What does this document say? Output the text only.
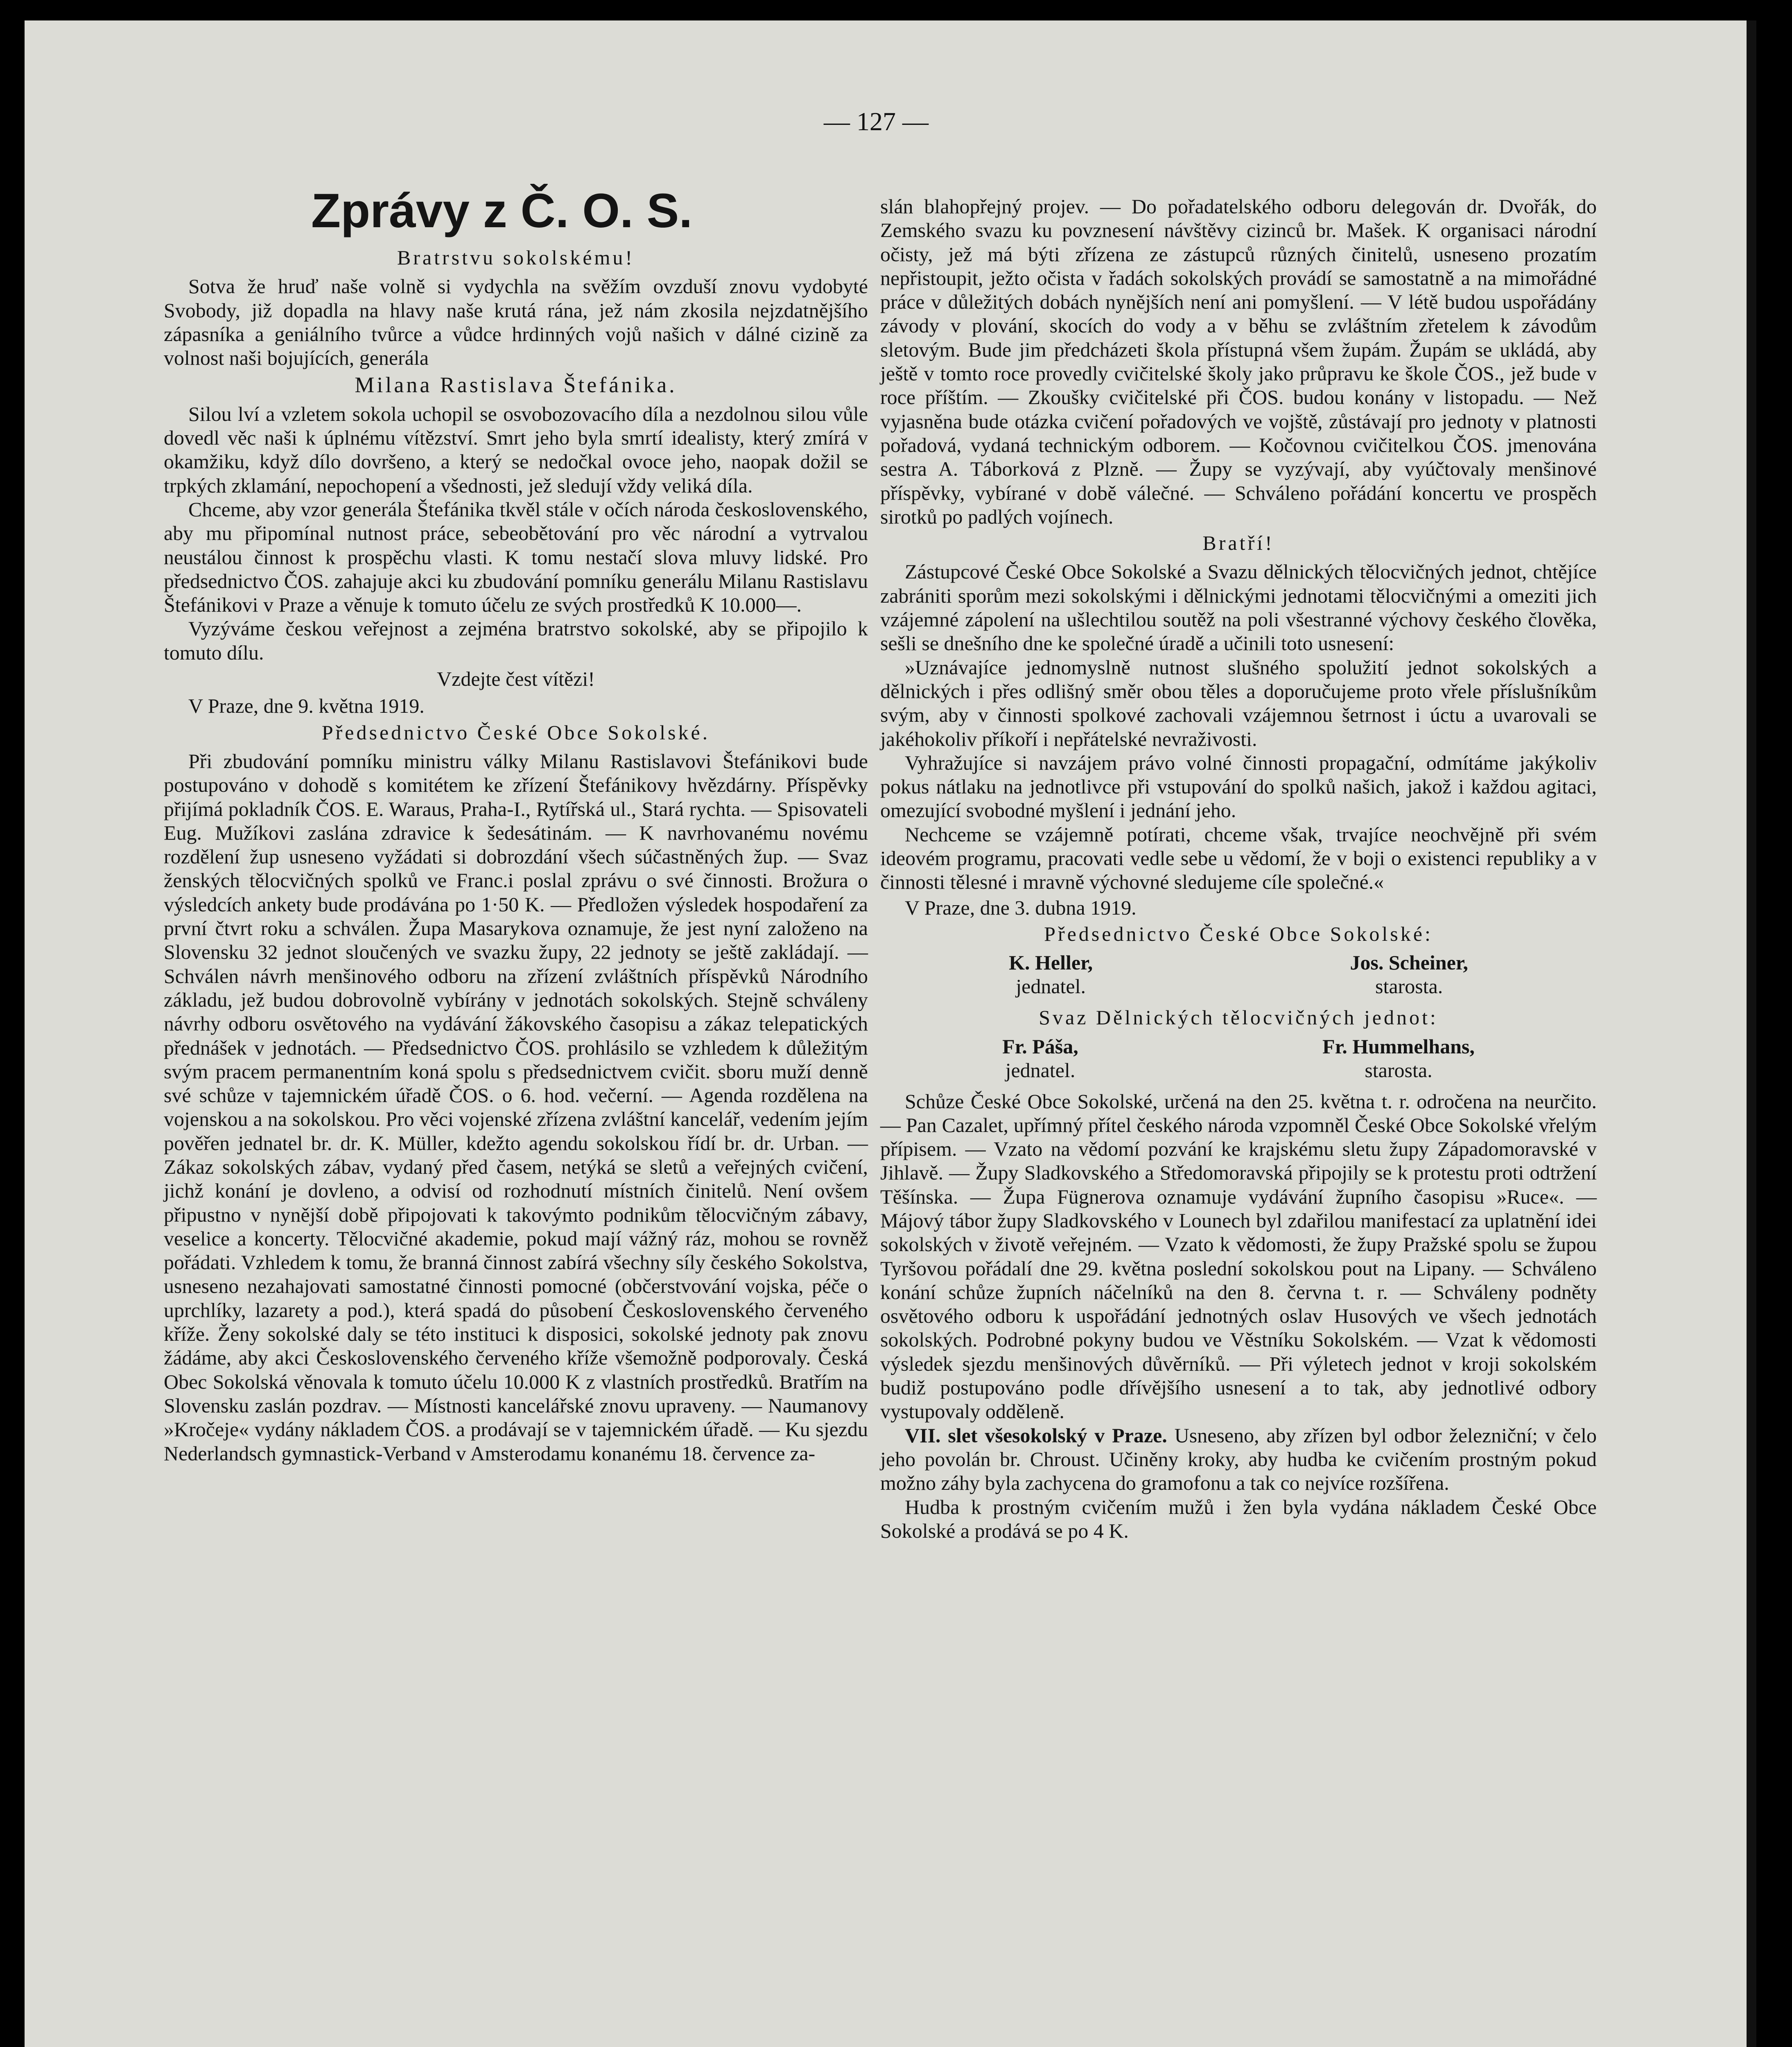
— 127 —
Zprávy z Č. O. S.
Bratrstvu sokolskému!

Sotva že hruď naše volně si vydychla na svěžím ovzduší znovu vydobyté Svobody, již dopadla na hlavy naše krutá rána, jež nám zkosila nejzdatnějšího zápasníka a geniálního tvůrce a vůdce hrdinných vojů našich v dálné cizině za volnost naši bojujících, generála

Milana Rastislava Štefánika.

Silou lví a vzletem sokola uchopil se osvobozovacího díla a nezdolnou silou vůle dovedl věc naši k úplnému vítězství. Smrt jeho byla smrtí idealisty, který zmírá v okamžiku, když dílo dovršeno, a který se nedočkal ovoce jeho, naopak dožil se trpkých zklamání, nepochopení a všednosti, jež sledují vždy veliká díla.

Chceme, aby vzor generála Štefánika tkvěl stále v očích národa československého, aby mu připomínal nutnost práce, sebeobětování pro věc národní a vytrvalou neustálou činnost k prospěchu vlasti. K tomu nestačí slova mluvy lidské. Pro předsednictvo ČOS. zahajuje akci ku zbudování pomníku generálu Milanu Rastislavu Štefánikovi v Praze a věnuje k tomuto účelu ze svých prostředků K 10.000—.

Vyzýváme českou veřejnost a zejména bratrstvo sokolské, aby se připojilo k tomuto dílu.

Vzdejte čest vítězi!
V Praze, dne 9. května 1919.
Předsednictvo České Obce Sokolské.

Při zbudování pomníku ministru války Milanu Rastislavovi Štefánikovi bude postupováno v dohodě s komitétem ke zřízení Štefánikovy hvězdárny. Příspěvky přijímá pokladník ČOS. E. Waraus, Praha-I., Rytířská ul., Stará rychta. — Spisovateli Eug. Mužíkovi zaslána zdravice k šedesátinám. — K navrhovanému novému rozdělení žup usneseno vyžádati si dobrozdání všech súčastněných žup. — Svaz ženských tělocvičných spolků ve Franc.i poslal zprávu o své činnosti. Brožura o výsledcích ankety bude prodávána po 1·50 K. — Předložen výsledek hospodaření za první čtvrt roku a schválen. Župa Masarykova oznamuje, že jest nyní založeno na Slovensku 32 jednot sloučených ve svazku župy, 22 jednoty se ještě zakládají. — Schválen návrh menšinového odboru na zřízení zvláštních příspěvků Národního základu, jež budou dobrovolně vybírány v jednotách sokolských. Stejně schváleny návrhy odboru osvětového na vydávání žákovského časopisu a zákaz telepatických přednášek v jednotách. — Předsednictvo ČOS. prohlásilo se vzhledem k důležitým svým pracem permanentním koná spolu s předsednictvem cvičit. sboru muží denně své schůze v tajemnickém úřadě ČOS. o 6. hod. večerní. — Agenda rozdělena na vojenskou a na sokolskou. Pro věci vojenské zřízena zvláštní kancelář, vedením jejím pověřen jednatel br. dr. K. Müller, kdežto agendu sokolskou řídí br. dr. Urban. — Zákaz sokolských zábav, vydaný před časem, netýká se sletů a veřejných cvičení, jichž konání je dovleno, a odvisí od rozhodnutí místních činitelů. Není ovšem připustno v nynější době připojovati k takovýmto podnikům tělocvičným zábavy, veselice a koncerty. Tělocvičné akademie, pokud mají vážný ráz, mohou se rovněž pořádati. Vzhledem k tomu, že branná činnost zabírá všechny síly českého Sokolstva, usneseno nezahajovati samostatné činnosti pomocné (občerstvování vojska, péče o uprchlíky, lazarety a pod.), která spadá do působení Československého červeného kříže. Ženy sokolské daly se této instituci k disposici, sokolské jednoty pak znovu žádáme, aby akci Československého červeného kříže všemožně podporovaly. Česká Obec Sokolská věnovala k tomuto účelu 10.000 K z vlastních prostředků. Bratřím na Slovensku zaslán pozdrav. — Místnosti kancelářské znovu upraveny. — Naumanovy »Kročeje« vydány nákladem ČOS. a prodávají se v tajemnickém úřadě. — Ku sjezdu Nederlandsch gymnastick-Verband v Amsterodamu konanému 18. července za-

slán blahopřejný projev. — Do pořadatelského odboru delegován dr. Dvořák, do Zemského svazu ku povznesení návštěvy cizinců br. Mašek. K organisaci národní očisty, jež má býti zřízena ze zástupců různých činitelů, usneseno prozatím nepřistoupit, ježto očista v řadách sokolských provádí se samostatně a na mimořádné práce v důležitých dobách nynějších není ani pomyšlení. — V létě budou uspořádány závody v plování, skocích do vody a v běhu se zvláštním zřetelem k závodům sletovým. Bude jim předcházeti škola přístupná všem župám. Župám se ukládá, aby ještě v tomto roce provedly cvičitelské školy jako průpravu ke škole ČOS., jež bude v roce příštím. — Zkoušky cvičitelské při ČOS. budou konány v listopadu. — Než vyjasněna bude otázka cvičení pořadových ve vojště, zůstávají pro jednoty v platnosti pořadová, vydaná technickým odborem. — Kočovnou cvičitelkou ČOS. jmenována sestra A. Táborková z Plzně. — Župy se vyzývají, aby vyúčtovaly menšinové příspěvky, vybírané v době válečné. — Schváleno pořádání koncertu ve prospěch sirotků po padlých vojínech.

Bratří!

Zástupcové České Obce Sokolské a Svazu dělnických tělocvičných jednot, chtějíce zabrániti sporům mezi sokolskými i dělnickými jednotami tělocvičnými a omeziti jich vzájemné zápolení na ušlechtilou soutěž na poli všestranné výchovy českého člověka, sešli se dnešního dne ke společné úradě a učinili toto usnesení:

»Uznávajíce jednomyslně nutnost slušného spolužití jednot sokolských a dělnických i přes odlišný směr obou těles a doporučujeme proto vřele příslušníkům svým, aby v činnosti spolkové zachovali vzájemnou šetrnost i úctu a uvarovali se jakéhokoliv příkoří i nepřátelské nevraživosti.

Vyhražujíce si navzájem právo volné činnosti propagační, odmítáme jakýkoliv pokus nátlaku na jednotlivce při vstupování do spolků našich, jakož i každou agitaci, omezující svobodné myšlení i jednání jeho.

Nechceme se vzájemně potírati, chceme však, trvajíce neochvějně při svém ideovém programu, pracovati vedle sebe u vědomí, že v boji o existenci republiky a v činnosti tělesné i mravně výchovné sledujeme cíle společné.«

V Praze, dne 3. dubna 1919.
Předsednictvo České Obce Sokolské:
K. Heller,
jednatel.
Jos. Scheiner,
starosta.
Svaz Dělnických tělocvičných jednot:
Fr. Páša,
jednatel.
Fr. Hummelhans,
starosta.

Schůze České Obce Sokolské, určená na den 25. května t. r. odročena na neurčito. — Pan Cazalet, upřímný přítel českého národa vzpomněl České Obce Sokolské vřelým přípisem. — Vzato na vědomí pozvání ke krajskému sletu župy Západomoravské v Jihlavě. — Župy Sladkovského a Středomoravská připojily se k protestu proti odtržení Těšínska. — Župa Fügnerova oznamuje vydávání župního časopisu »Ruce«. — Májový tábor župy Sladkovského v Lounech byl zdařilou manifestací za uplatnění idei sokolských v životě veřejném. — Vzato k vědomosti, že župy Pražské spolu se župou Tyršovou pořádalí dne 29. května poslední sokolskou pout na Lipany. — Schváleno konání schůze župních náčelníků na den 8. června t. r. — Schváleny podněty osvětového odboru k uspořádání jednotných oslav Husových ve všech jednotách sokolských. Podrobné pokyny budou ve Věstníku Sokolském. — Vzat k vědomosti výsledek sjezdu menšinových důvěrníků. — Při výletech jednot v kroji sokolském budiž postupováno podle dřívějšího usnesení a to tak, aby jednotlivé odbory vystupovaly odděleně.

VII. slet všesokolský v Praze. Usneseno, aby zřízen byl odbor železniční; v čelo jeho povolán br. Chroust. Učiněny kroky, aby hudba ke cvičením prostným pokud možno záhy byla zachycena do gramofonu a tak co nejvíce rozšířena.

Hudba k prostným cvičením mužů i žen byla vydána nákladem České Obce Sokolské a prodává se po 4 K.
